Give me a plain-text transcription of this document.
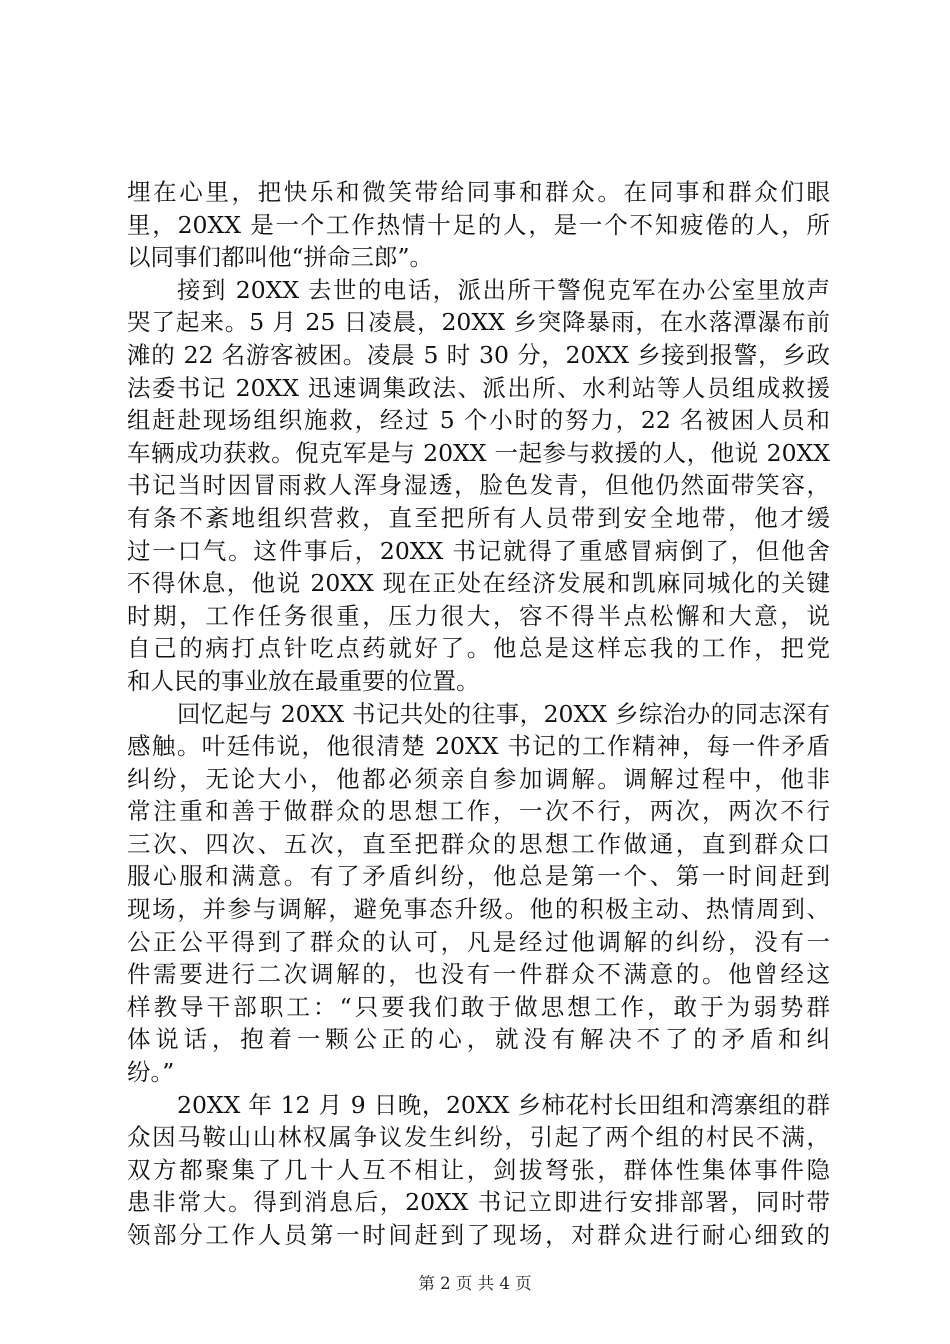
埋在心里，把快乐和微笑带给同事和群众。在同事和群众们眼
里，20XX 是一个工作热情十足的人，是一个不知疲倦的人，所
以同事们都叫他“拼命三郎”。
接到 20XX 去世的电话，派出所干警倪克军在办公室里放声
哭了起来。5 月 25 日凌晨，20XX 乡突降暴雨，在水落潭瀑布前
滩的 22 名游客被困。凌晨 5 时 30 分，20XX 乡接到报警，乡政
法委书记 20XX 迅速调集政法、派出所、水利站等人员组成救援
组赶赴现场组织施救，经过 5 个小时的努力，22 名被困人员和
车辆成功获救。倪克军是与 20XX 一起参与救援的人，他说 20XX
书记当时因冒雨救人浑身湿透，脸色发青，但他仍然面带笑容，
有条不紊地组织营救，直至把所有人员带到安全地带，他才缓
过一口气。这件事后，20XX 书记就得了重感冒病倒了，但他舍
不得休息，他说 20XX 现在正处在经济发展和凯麻同城化的关键
时期，工作任务很重，压力很大，容不得半点松懈和大意，说
自己的病打点针吃点药就好了。他总是这样忘我的工作，把党
和人民的事业放在最重要的位置。
回忆起与 20XX 书记共处的往事，20XX 乡综治办的同志深有
感触。叶廷伟说，他很清楚 20XX 书记的工作精神，每一件矛盾
纠纷，无论大小，他都必须亲自参加调解。调解过程中，他非
常注重和善于做群众的思想工作，一次不行，两次，两次不行
三次、四次、五次，直至把群众的思想工作做通，直到群众口
服心服和满意。有了矛盾纠纷，他总是第一个、第一时间赶到
现场，并参与调解，避免事态升级。他的积极主动、热情周到、
公正公平得到了群众的认可，凡是经过他调解的纠纷，没有一
件需要进行二次调解的，也没有一件群众不满意的。他曾经这
样教导干部职工：“只要我们敢于做思想工作，敢于为弱势群
体说话，抱着一颗公正的心，就没有解决不了的矛盾和纠
纷。”
20XX 年 12 月 9 日晚，20XX 乡柿花村长田组和湾寨组的群
众因马鞍山山林权属争议发生纠纷，引起了两个组的村民不满，
双方都聚集了几十人互不相让，剑拔弩张，群体性集体事件隐
患非常大。得到消息后，20XX 书记立即进行安排部署，同时带
领部分工作人员第一时间赶到了现场，对群众进行耐心细致的
第 2 页 共 4 页
